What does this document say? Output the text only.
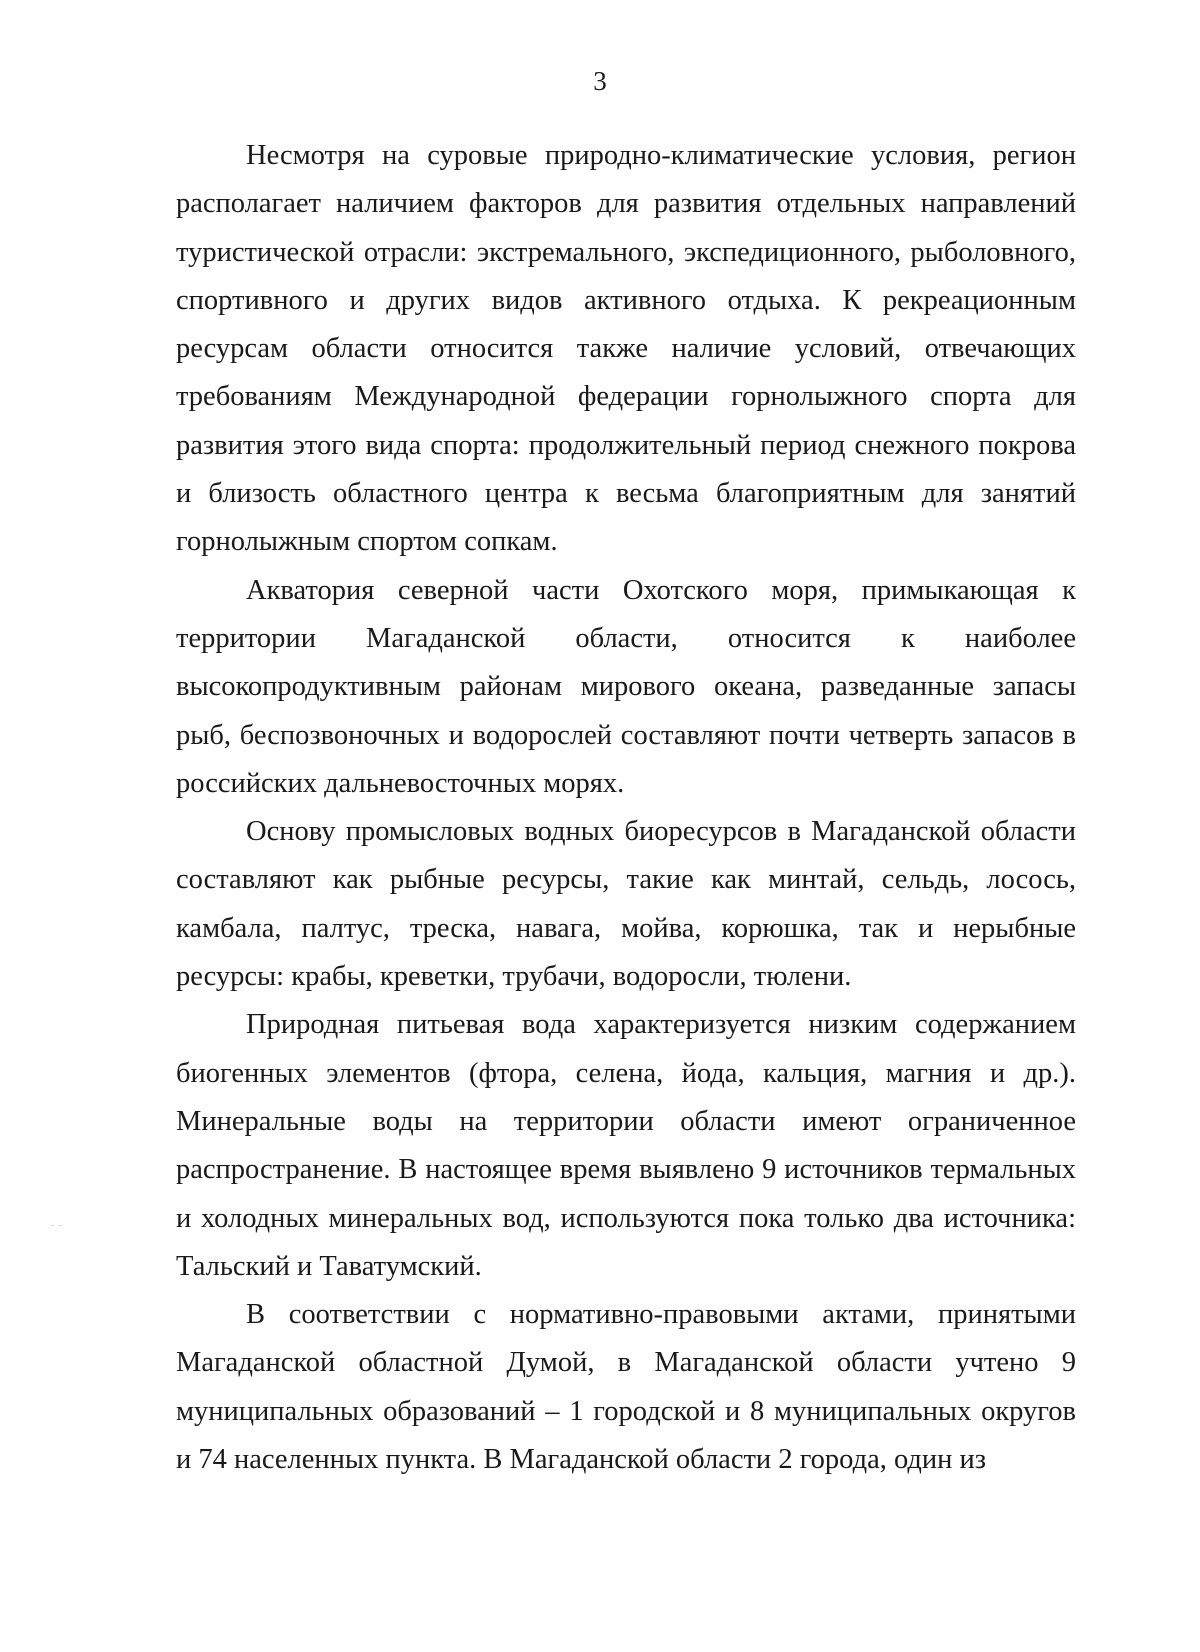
3

Несмотря на суровые природно-климатические условия, регион располагает наличием факторов для развития отдельных направлений туристической отрасли: экстремального, экспедиционного, рыболовного, спортивного и других видов активного отдыха. К рекреационным ресурсам области относится также наличие условий, отвечающих требованиям Международной федерации горнолыжного спорта для развития этого вида спорта: продолжительный период снежного покрова и близость областного центра к весьма благоприятным для занятий горнолыжным спортом сопкам.

Акватория северной части Охотского моря, примыкающая к территории Магаданской области, относится к наиболее высокопродуктивным районам мирового океана, разведанные запасы рыб, беспозвоночных и водорослей составляют почти четверть запасов в российских дальневосточных морях.

Основу промысловых водных биоресурсов в Магаданской области составляют как рыбные ресурсы, такие как минтай, сельдь, лосось, камбала, палтус, треска, навага, мойва, корюшка, так и нерыбные ресурсы: крабы, креветки, трубачи, водоросли, тюлени.

Природная питьевая вода характеризуется низким содержанием биогенных элементов (фтора, селена, йода, кальция, магния и др.). Минеральные воды на территории области имеют ограниченное распространение. В настоящее время выявлено 9 источников термальных и холодных минеральных вод, используются пока только два источника: Тальский и Таватумский.

В соответствии с нормативно-правовыми актами, принятыми Магаданской областной Думой, в Магаданской области учтено 9 муниципальных образований – 1 городской и 8 муниципальных округов и 74 населенных пункта. В Магаданской области 2 города, один из

⁻ ⁻
